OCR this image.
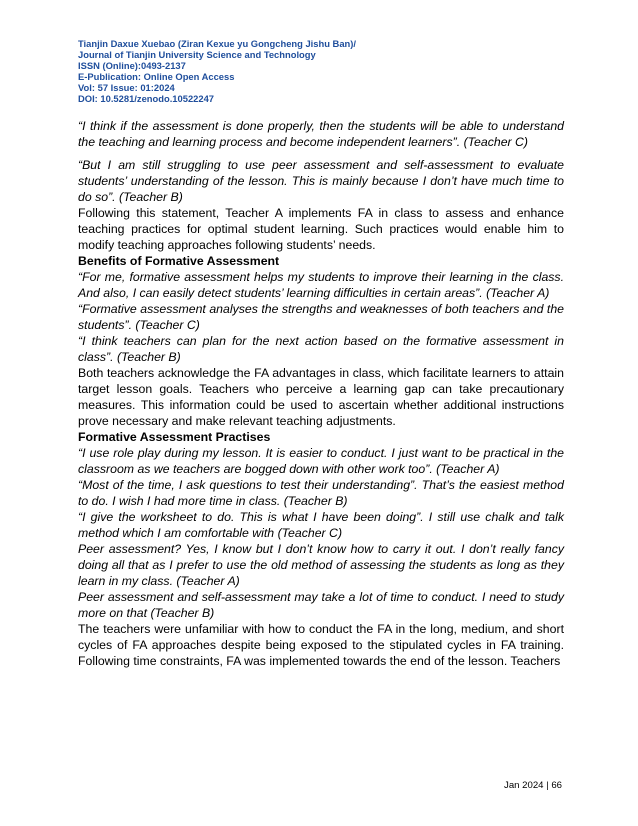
Tianjin Daxue Xuebao (Ziran Kexue yu Gongcheng Jishu Ban)/
Journal of Tianjin University Science and Technology
ISSN (Online):0493-2137
E-Publication: Online Open Access
Vol: 57 Issue: 01:2024
DOI: 10.5281/zenodo.10522247

“I think if the assessment is done properly, then the students will be able to understand the teaching and learning process and become independent learners”. (Teacher C)

“But I am still struggling to use peer assessment and self-assessment to evaluate students’ understanding of the lesson. This is mainly because I don’t have much time to do so”. (Teacher B)

Following this statement, Teacher A implements FA in class to assess and enhance teaching practices for optimal student learning. Such practices would enable him to modify teaching approaches following students’ needs.

Benefits of Formative Assessment

“For me, formative assessment helps my students to improve their learning in the class. And also, I can easily detect students’ learning difficulties in certain areas”. (Teacher A)

“Formative assessment analyses the strengths and weaknesses of both teachers and the students”. (Teacher C)

“I think teachers can plan for the next action based on the formative assessment in class”. (Teacher B)

Both teachers acknowledge the FA advantages in class, which facilitate learners to attain target lesson goals. Teachers who perceive a learning gap can take precautionary measures. This information could be used to ascertain whether additional instructions prove necessary and make relevant teaching adjustments.

Formative Assessment Practises

“I use role play during my lesson. It is easier to conduct. I just want to be practical in the classroom as we teachers are bogged down with other work too”. (Teacher A)

“Most of the time, I ask questions to test their understanding”. That’s the easiest method to do. I wish I had more time in class. (Teacher B)

“I give the worksheet to do. This is what I have been doing”. I still use chalk and talk method which I am comfortable with (Teacher C)

Peer assessment? Yes, I know but I don’t know how to carry it out. I don’t really fancy doing all that as I prefer to use the old method of assessing the students as long as they learn in my class. (Teacher A)

Peer assessment and self-assessment may take a lot of time to conduct. I need to study more on that (Teacher B)

The teachers were unfamiliar with how to conduct the FA in the long, medium, and short cycles of FA approaches despite being exposed to the stipulated cycles in FA training. Following time constraints, FA was implemented towards the end of the lesson. Teachers

Jan 2024 | 66
